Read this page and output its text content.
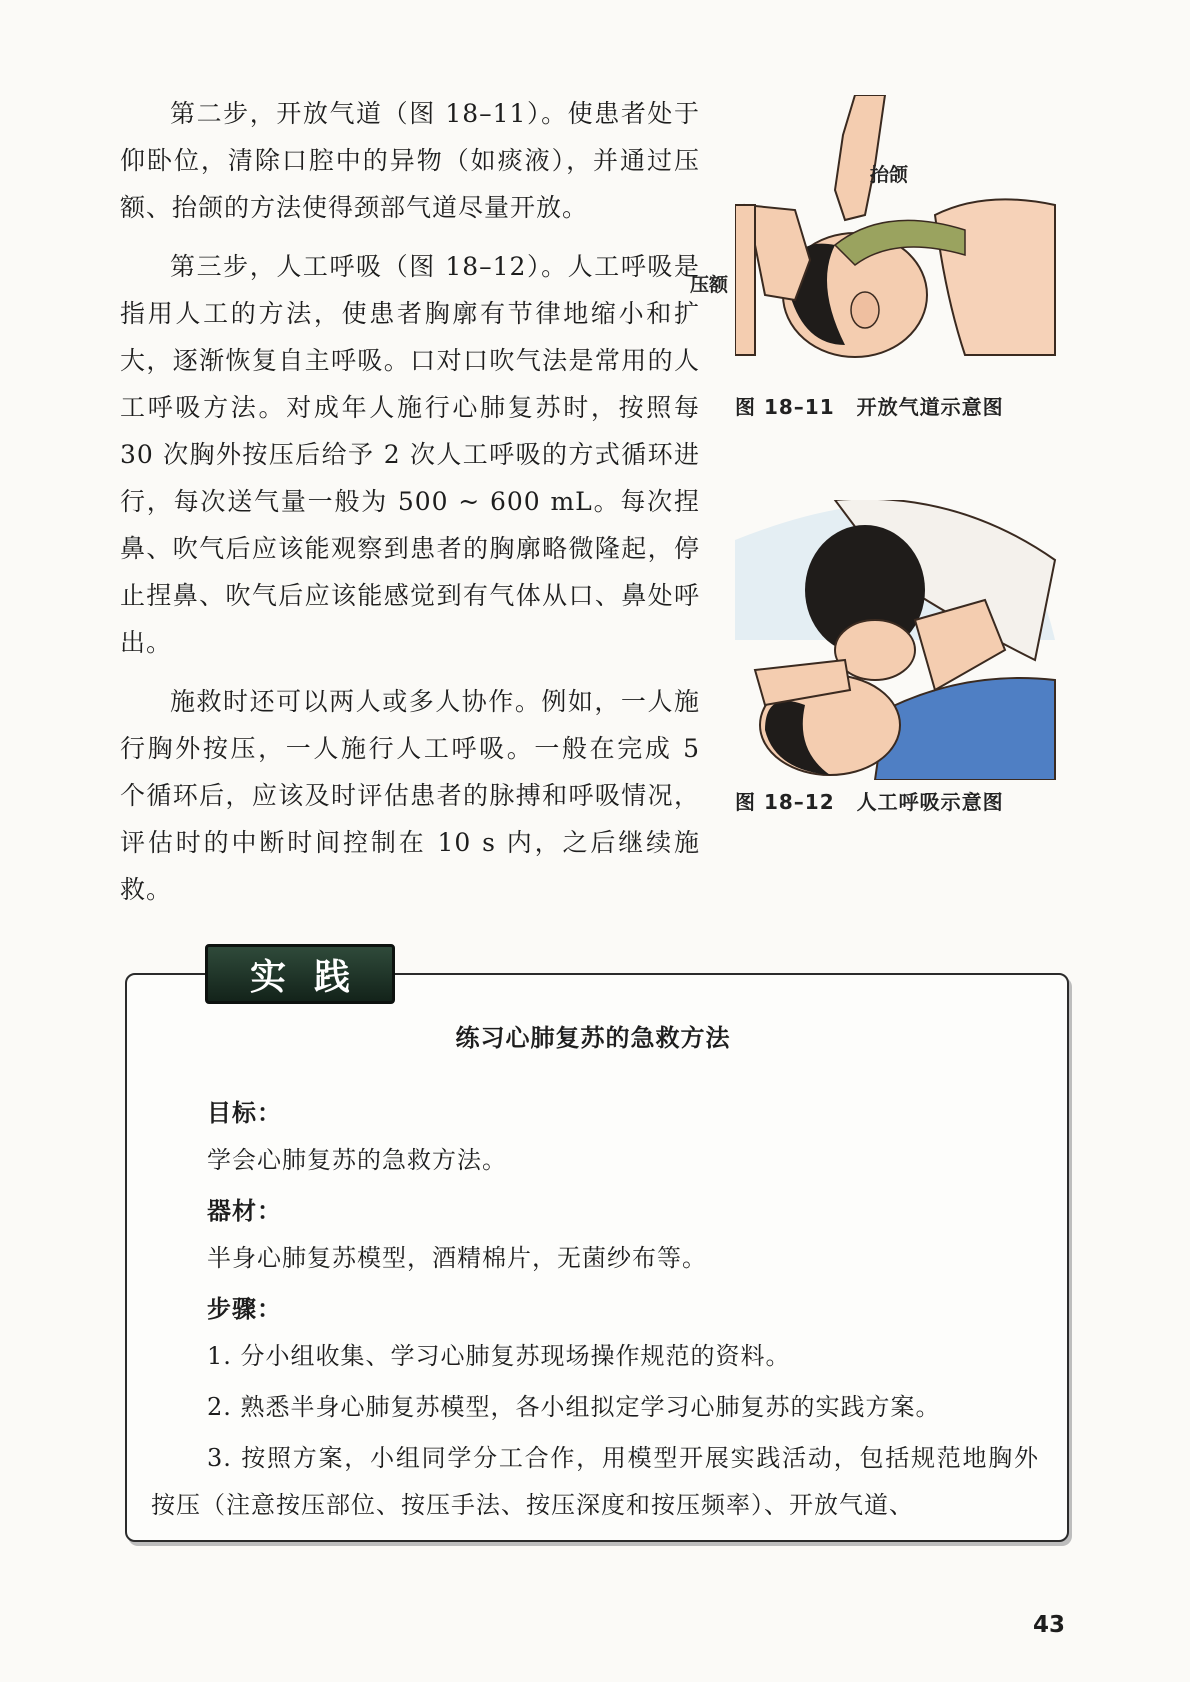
第二步，开放气道（图 18–11）。使患者处于仰卧位，清除口腔中的异物（如痰液），并通过压额、抬颌的方法使得颈部气道尽量开放。

第三步，人工呼吸（图 18–12）。人工呼吸是指用人工的方法，使患者胸廓有节律地缩小和扩大，逐渐恢复自主呼吸。口对口吹气法是常用的人工呼吸方法。对成年人施行心肺复苏时，按照每 30 次胸外按压后给予 2 次人工呼吸的方式循环进行，每次送气量一般为 500 ~ 600 mL。每次捏鼻、吹气后应该能观察到患者的胸廓略微隆起，停止捏鼻、吹气后应该能感觉到有气体从口、鼻处呼出。

施救时还可以两人或多人协作。例如，一人施行胸外按压，一人施行人工呼吸。一般在完成 5 个循环后，应该及时评估患者的脉搏和呼吸情况，评估时的中断时间控制在 10 s 内，之后继续施救。

抬颌
压额
图 18–11 开放气道示意图
图 18–12 人工呼吸示意图
练习心肺复苏的急救方法

目标：

学会心肺复苏的急救方法。

器材：

半身心肺复苏模型，酒精棉片，无菌纱布等。

步骤：

1. 分小组收集、学习心肺复苏现场操作规范的资料。

2. 熟悉半身心肺复苏模型，各小组拟定学习心肺复苏的实践方案。

3. 按照方案，小组同学分工合作，用模型开展实践活动，包括规范地胸外按压（注意按压部位、按压手法、按压深度和按压频率）、开放气道、

实践
43
